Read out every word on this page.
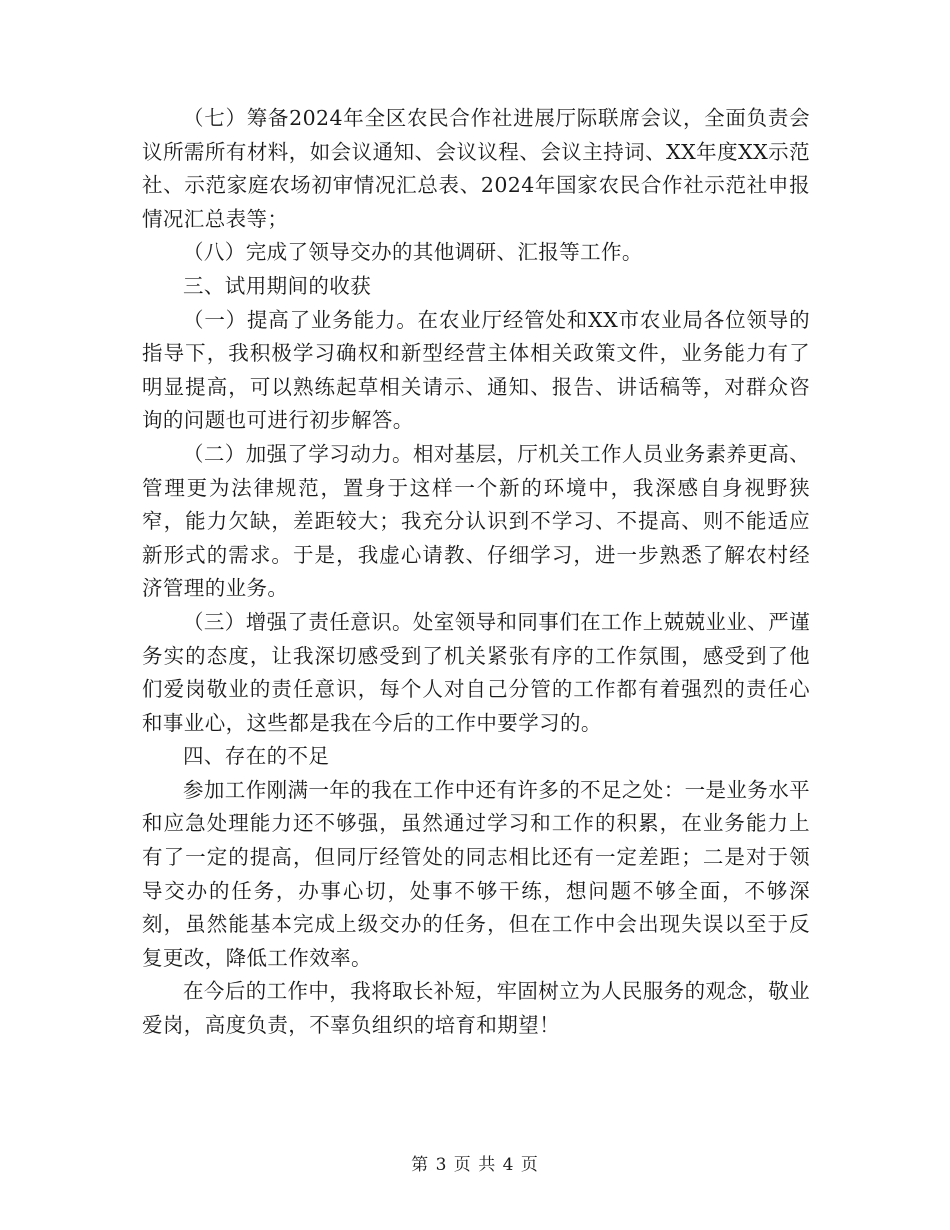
（七）筹备2024年全区农民合作社进展厅际联席会议，全面负责会议所需所有材料，如会议通知、会议议程、会议主持词、XX年度XX示范社、示范家庭农场初审情况汇总表、2024年国家农民合作社示范社申报情况汇总表等；

（八）完成了领导交办的其他调研、汇报等工作。

三、试用期间的收获

（一）提高了业务能力。在农业厅经管处和XX市农业局各位领导的指导下，我积极学习确权和新型经营主体相关政策文件，业务能力有了明显提高，可以熟练起草相关请示、通知、报告、讲话稿等，对群众咨询的问题也可进行初步解答。

（二）加强了学习动力。相对基层，厅机关工作人员业务素养更高、管理更为法律规范，置身于这样一个新的环境中，我深感自身视野狭窄，能力欠缺，差距较大；我充分认识到不学习、不提高、则不能适应新形式的需求。于是，我虚心请教、仔细学习，进一步熟悉了解农村经济管理的业务。

（三）增强了责任意识。处室领导和同事们在工作上兢兢业业、严谨务实的态度，让我深切感受到了机关紧张有序的工作氛围，感受到了他们爱岗敬业的责任意识，每个人对自己分管的工作都有着强烈的责任心和事业心，这些都是我在今后的工作中要学习的。

四、存在的不足

参加工作刚满一年的我在工作中还有许多的不足之处：一是业务水平和应急处理能力还不够强，虽然通过学习和工作的积累，在业务能力上有了一定的提高，但同厅经管处的同志相比还有一定差距；二是对于领导交办的任务，办事心切，处事不够干练，想问题不够全面，不够深刻，虽然能基本完成上级交办的任务，但在工作中会出现失误以至于反复更改，降低工作效率。

在今后的工作中，我将取长补短，牢固树立为人民服务的观念，敬业爱岗，高度负责，不辜负组织的培育和期望！

第 3 页 共 4 页
